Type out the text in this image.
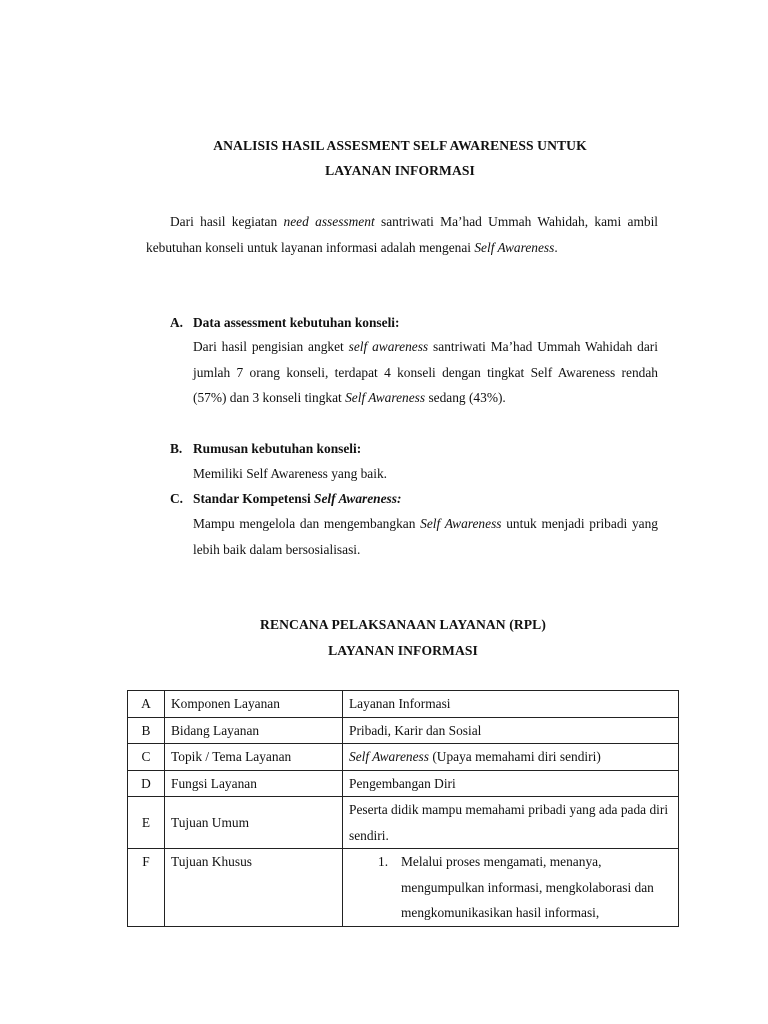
ANALISIS HASIL ASSESMENT SELF AWARENESS UNTUK
LAYANAN INFORMASI
Dari hasil kegiatan need assessment santriwati Ma’had Ummah Wahidah, kami ambil kebutuhan konseli untuk layanan informasi adalah mengenai Self Awareness.
A. Data assessment kebutuhan konseli:
Dari hasil pengisian angket self awareness santriwati Ma’had Ummah Wahidah dari jumlah 7 orang konseli, terdapat 4 konseli dengan tingkat Self Awareness rendah (57%) dan 3 konseli tingkat Self Awareness sedang (43%).
B. Rumusan kebutuhan konseli:
Memiliki Self Awareness yang baik.
C. Standar Kompetensi Self Awareness:
Mampu mengelola dan mengembangkan Self Awareness untuk menjadi pribadi yang lebih baik dalam bersosialisasi.
RENCANA PELAKSANAAN LAYANAN (RPL)
LAYANAN INFORMASI
A	Komponen Layanan	Layanan Informasi
B	Bidang Layanan	Pribadi, Karir dan Sosial
C	Topik / Tema Layanan	Self Awareness (Upaya memahami diri sendiri)
D	Fungsi Layanan	Pengembangan Diri
E	Tujuan Umum	Peserta didik mampu memahami pribadi yang ada pada diri sendiri.
F	Tujuan Khusus	1. Melalui proses mengamati, menanya, mengumpulkan informasi, mengkolaborasi dan mengkomunikasikan hasil informasi,
